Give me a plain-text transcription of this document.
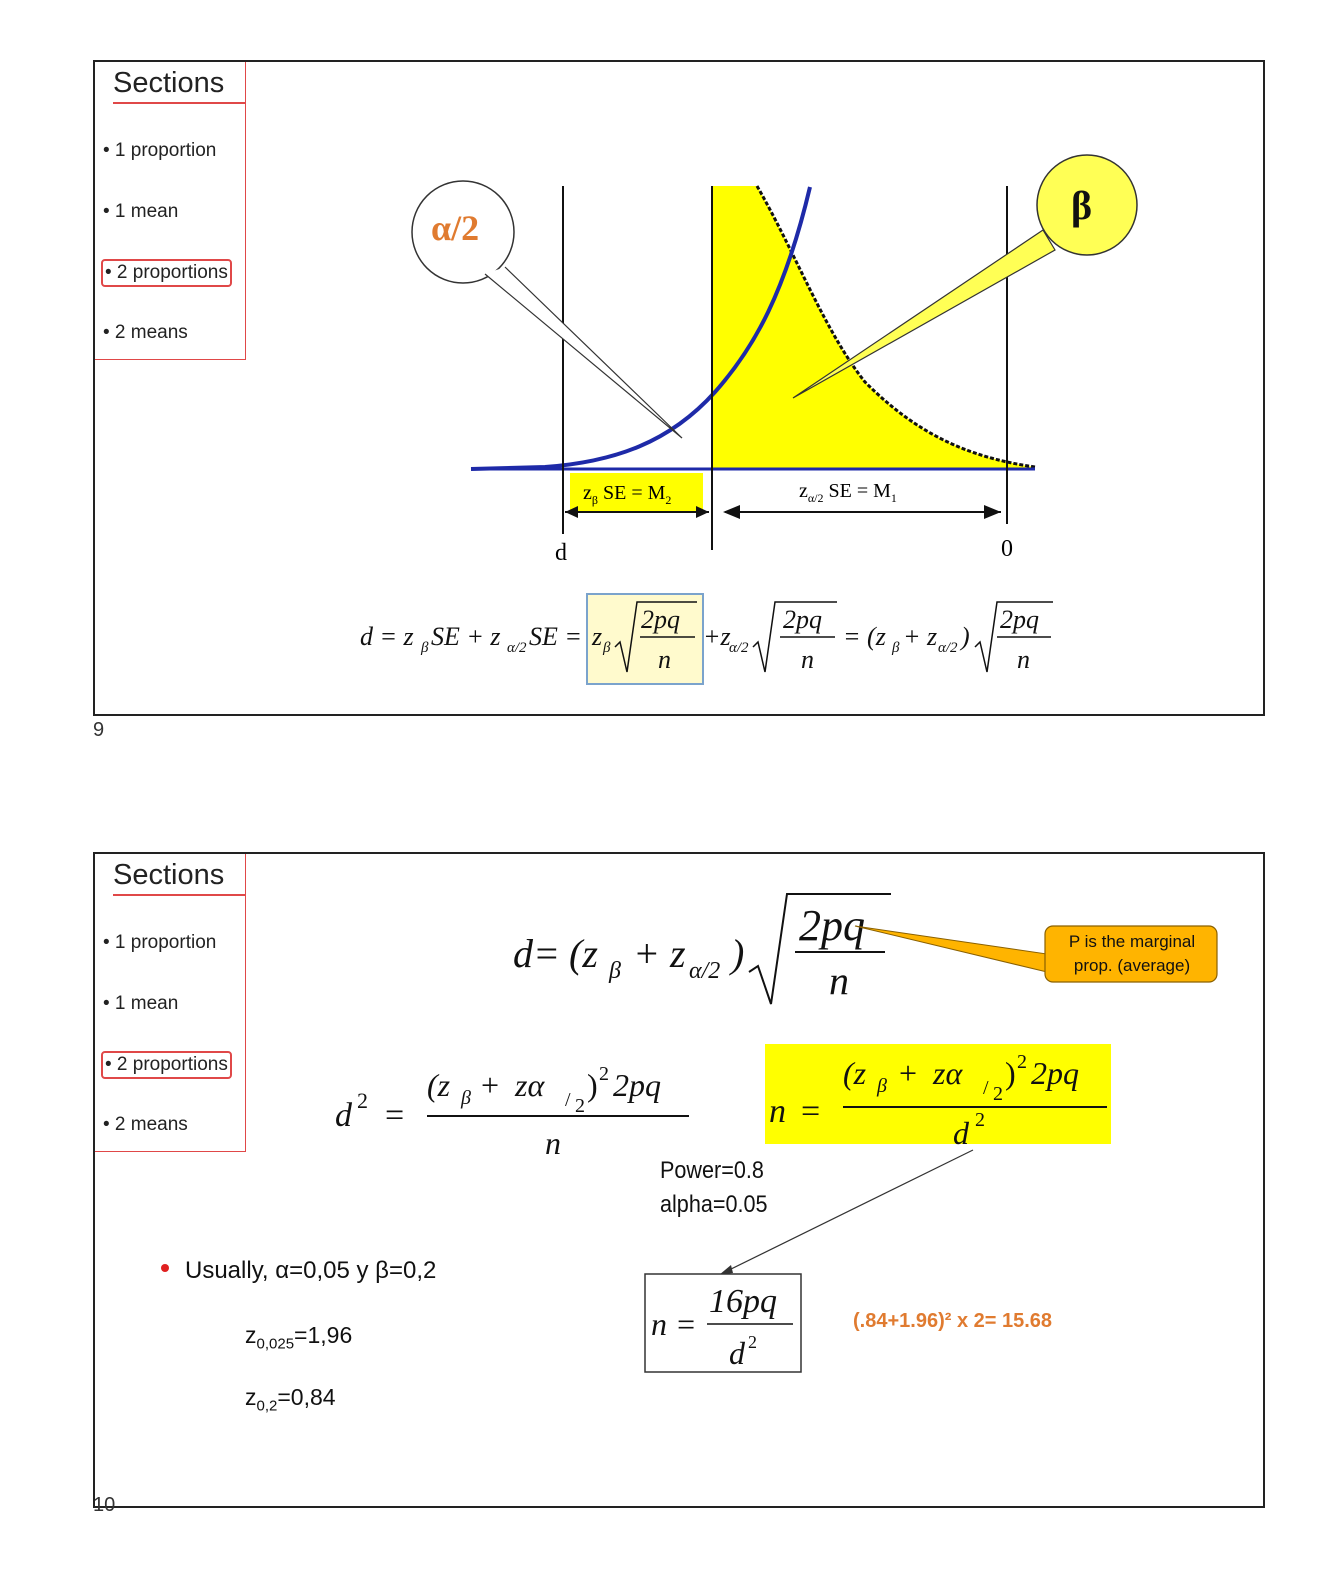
Sections
• 1 proportion
• 1 mean
• 2 proportions
• 2 means
d = z β SE + z α/2 SE = z β
2pq
n
+z
α/2
2pq
n
= (z β + z α/2 )
2pq
n
α/2	β
$z_\beta$ SE = $M_2$	$z_{\alpha/2}$ SE = $M_1$
d	0
9
Sections
• 1 proportion
• 1 mean
• 2 proportions
• 2 means
d= (z β + z α/2 )
2pq
n
d 2 =
(z β + zα / 2
) 2 2pq
n
n =
(z β + zα / 2
) 2 2pq
d 2
n =
16pq
d 2
P is the marginal prop. (average)
Power=0.8
alpha=0.05
Usually, α=0,05 y β=0,2
$z_{0,025}=1,96$
$z_{0,2}=0,84$
(.84+1.96)² x 2= 15.68
10
